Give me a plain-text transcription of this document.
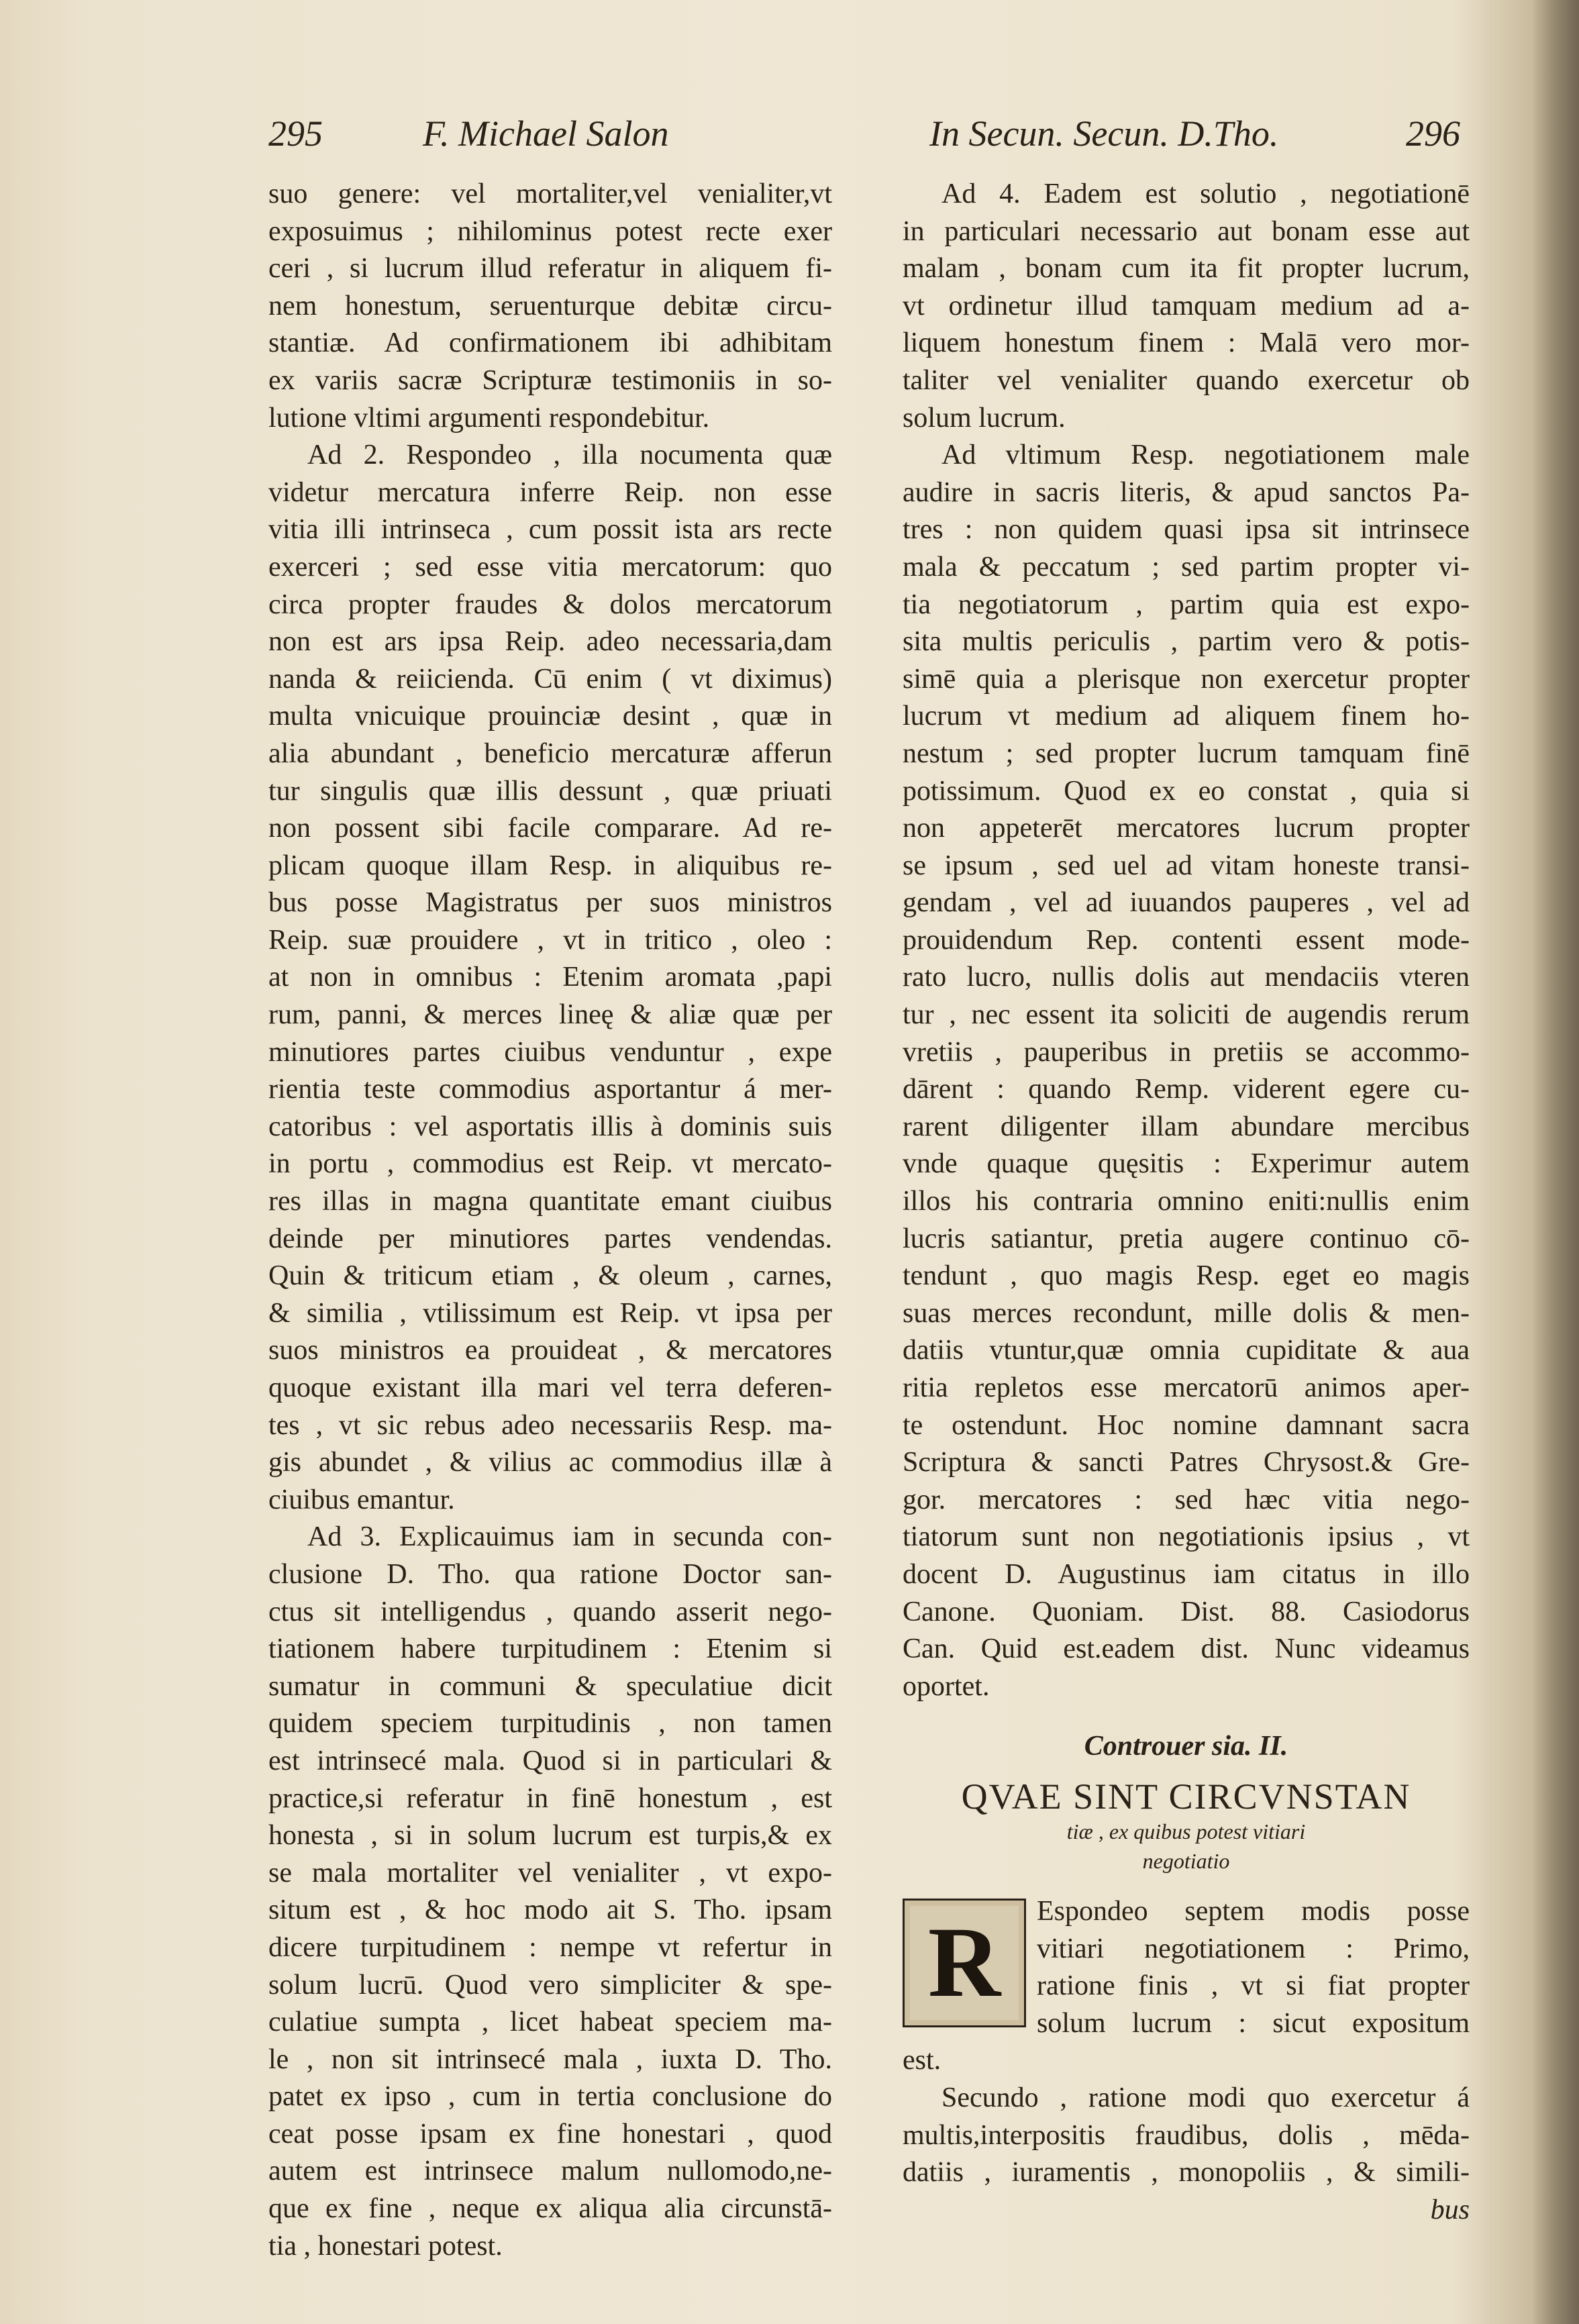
295	F. Michael Salon	In Secun. Secun. D.Tho.	296
suo genere: vel mortaliter,vel venialiter,vt
exposuimus ; nihilominus potest recte exer
ceri , si lucrum illud referatur in aliquem fi-
nem honestum, seruenturque debitæ circu-
stantiæ. Ad confirmationem ibi adhibitam
ex variis sacræ Scripturæ testimoniis in so-
lutione vltimi argumenti respondebitur.
Ad 2. Respondeo , illa nocumenta quæ
videtur mercatura inferre Reip. non esse
vitia illi intrinseca , cum possit ista ars recte
exerceri ; sed esse vitia mercatorum: quo
circa propter fraudes & dolos mercatorum
non est ars ipsa Reip. adeo necessaria,dam
nanda & reiicienda. Cū enim ( vt diximus)
multa vnicuique prouinciæ desint , quæ in
alia abundant , beneficio mercaturæ afferun
tur singulis quæ illis dessunt , quæ priuati
non possent sibi facile comparare. Ad re-
plicam quoque illam Resp. in aliquibus re-
bus posse Magistratus per suos ministros
Reip. suæ prouidere , vt in tritico , oleo :
at non in omnibus : Etenim aromata ,papi
rum, panni, & merces lineę & aliæ quæ per
minutiores partes ciuibus venduntur , expe
rientia teste commodius asportantur á mer-
catoribus : vel asportatis illis à dominis suis
in portu , commodius est Reip. vt mercato-
res illas in magna quantitate emant ciuibus
deinde per minutiores partes vendendas.
Quin & triticum etiam , & oleum , carnes,
& similia , vtilissimum est Reip. vt ipsa per
suos ministros ea prouideat , & mercatores
quoque existant illa mari vel terra deferen-
tes , vt sic rebus adeo necessariis Resp. ma-
gis abundet , & vilius ac commodius illæ à
ciuibus emantur.
Ad 3. Explicauimus iam in secunda con-
clusione D. Tho. qua ratione Doctor san-
ctus sit intelligendus , quando asserit nego-
tiationem habere turpitudinem : Etenim si
sumatur in communi & speculatiue dicit
quidem speciem turpitudinis , non tamen
est intrinsecé mala. Quod si in particulari &
practice,si referatur in finē honestum , est
honesta , si in solum lucrum est turpis,& ex
se mala mortaliter vel venialiter , vt expo-
situm est , & hoc modo ait S. Tho. ipsam
dicere turpitudinem : nempe vt refertur in
solum lucrū. Quod vero simpliciter & spe-
culatiue sumpta , licet habeat speciem ma-
le , non sit intrinsecé mala , iuxta D. Tho.
patet ex ipso , cum in tertia conclusione do
ceat posse ipsam ex fine honestari , quod
autem est intrinsece malum nullomodo,ne-
que ex fine , neque ex aliqua alia circunstā-
tia , honestari potest.
Ad 4. Eadem est solutio , negotiationē
in particulari necessario aut bonam esse aut
malam , bonam cum ita fit propter lucrum,
vt ordinetur illud tamquam medium ad a-
liquem honestum finem : Malā vero mor-
taliter vel venialiter quando exercetur ob
solum lucrum.
Ad vltimum Resp. negotiationem male
audire in sacris literis, & apud sanctos Pa-
tres : non quidem quasi ipsa sit intrinsece
mala & peccatum ; sed partim propter vi-
tia negotiatorum , partim quia est expo-
sita multis periculis , partim vero & potis-
simē quia a plerisque non exercetur propter
lucrum vt medium ad aliquem finem ho-
nestum ; sed propter lucrum tamquam finē
potissimum. Quod ex eo constat , quia si
non appeterēt mercatores lucrum propter
se ipsum , sed uel ad vitam honeste transi-
gendam , vel ad iuuandos pauperes , vel ad
prouidendum Rep. contenti essent mode-
rato lucro, nullis dolis aut mendaciis vteren
tur , nec essent ita soliciti de augendis rerum
vretiis , pauperibus in pretiis se accommo-
dārent : quando Remp. viderent egere cu-
rarent diligenter illam abundare mercibus
vnde quaque quęsitis : Experimur autem
illos his contraria omnino eniti:nullis enim
lucris satiantur, pretia augere continuo cō-
tendunt , quo magis Resp. eget eo magis
suas merces recondunt, mille dolis & men-
datiis vtuntur,quæ omnia cupiditate & aua
ritia repletos esse mercatorū animos aper-
te ostendunt. Hoc nomine damnant sacra
Scriptura & sancti Patres Chrysost.& Gre-
gor. mercatores : sed hæc vitia nego-
tiatorum sunt non negotiationis ipsius , vt
docent D. Augustinus iam citatus in illo
Canone. Quoniam. Dist. 88. Casiodorus
Can. Quid est.eadem dist. Nunc videamus
oportet.
Controuer sia. II.
QVAE SINT CIRCVNSTAN
tiæ , ex quibus potest vitiari
negotiatio
R	Espondeo septem modis posse
vitiari negotiationem : Primo,
ratione finis , vt si fiat propter
solum lucrum : sicut expositum
est.
Secundo , ratione modi quo exercetur á
multis,interpositis fraudibus, dolis , mēda-
datiis , iuramentis , monopoliis , & simili-
bus
